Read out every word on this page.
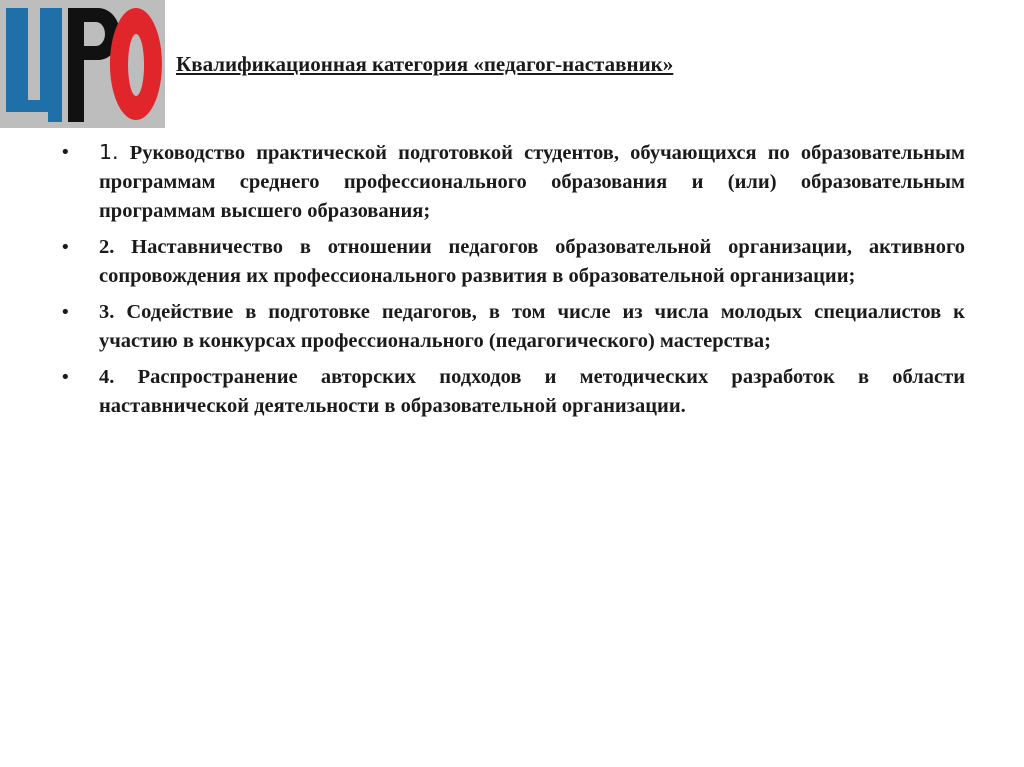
Квалификационная категория «педагог-наставник»
•	1. Руководство практической подготовкой студентов, обучающихся по образовательным программам среднего профессионального образования и (или) образовательным программам высшего образования;
•	2. Наставничество в отношении педагогов образовательной организации, активного сопровождения их профессионального развития в образовательной организации;
•	3. Содействие в подготовке педагогов, в том числе из числа молодых специалистов к участию в конкурсах профессионального (педагогического) мастерства;
•	4. Распространение авторских подходов и методических разработок в области наставнической деятельности в образовательной организации.
